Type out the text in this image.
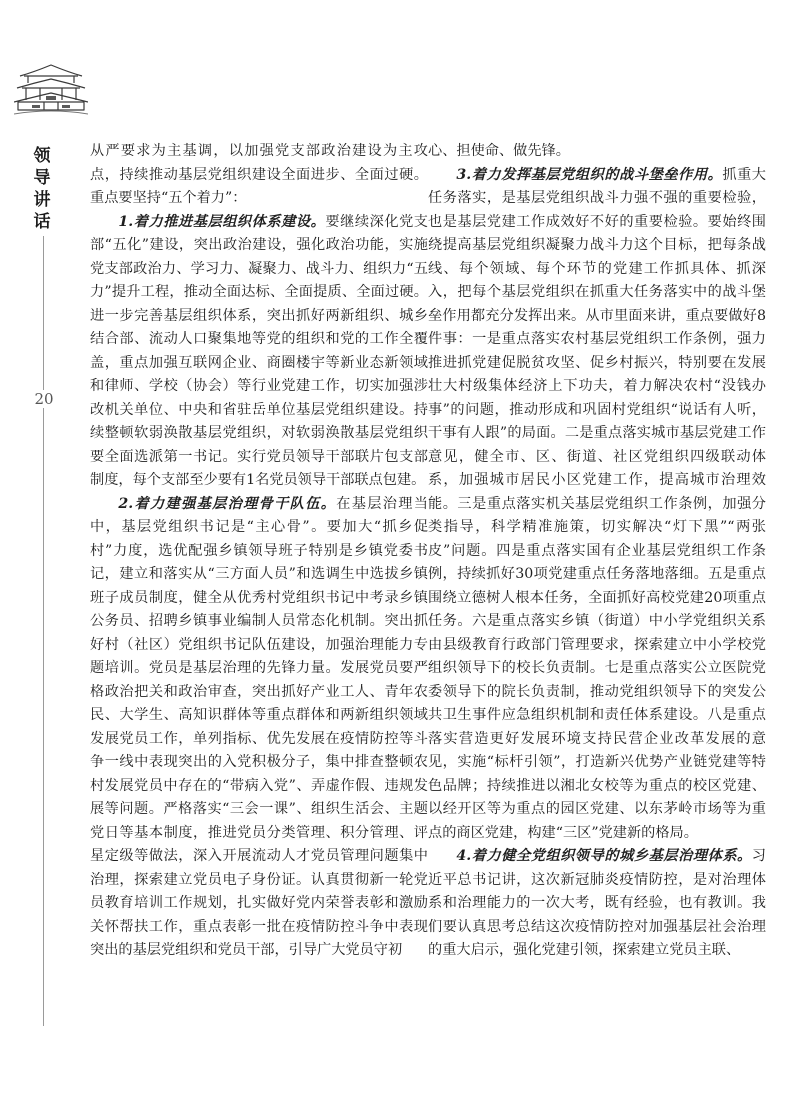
领导讲话
20

从严要求为主基调，以加强党支部政治建设为主攻点，持续推动基层党组织建设全面进步、全面过硬。重点要坚持“五个着力”：

1.着力推进基层组织体系建设。要继续深化党支部“五化”建设，突出政治建设，强化政治功能，实施党支部政治力、学习力、凝聚力、战斗力、组织力“五力”提升工程，推动全面达标、全面提质、全面过硬。进一步完善基层组织体系，突出抓好两新组织、城乡结合部、流动人口聚集地等党的组织和党的工作全覆盖，重点加强互联网企业、商圈楼宇等新业态新领域和律师、学校（协会）等行业党建工作，切实加强涉改机关单位、中央和省驻岳单位基层党组织建设。持续整顿软弱涣散基层党组织，对软弱涣散基层党组织要全面选派第一书记。实行党员领导干部联片包支部制度，每个支部至少要有1名党员领导干部联点包建。

2.着力建强基层治理骨干队伍。在基层治理当中，基层党组织书记是“主心骨”。要加大“抓乡促村”力度，选优配强乡镇领导班子特别是乡镇党委书记，建立和落实从“三方面人员”和选调生中选拔乡镇班子成员制度，健全从优秀村党组织书记中考录乡镇公务员、招聘乡镇事业编制人员常态化机制。突出抓好村（社区）党组织书记队伍建设，加强治理能力专题培训。党员是基层治理的先锋力量。发展党员要严格政治把关和政治审查，突出抓好产业工人、青年农民、大学生、高知识群体等重点群体和两新组织领域发展党员工作，单列指标、优先发展在疫情防控等斗争一线中表现突出的入党积极分子，集中排查整顿农村发展党员中存在的“带病入党”、弄虚作假、违规发展等问题。严格落实“三会一课”、组织生活会、主题党日等基本制度，推进党员分类管理、积分管理、评星定级等做法，深入开展流动人才党员管理问题集中治理，探索建立党员电子身份证。认真贯彻新一轮党员教育培训工作规划，扎实做好党内荣誉表彰和激励关怀帮扶工作，重点表彰一批在疫情防控斗争中表现突出的基层党组织和党员干部，引导广大党员守初

心、担使命、做先锋。

3.着力发挥基层党组织的战斗堡垒作用。抓重大任务落实，是基层党组织战斗力强不强的重要检验，也是基层党建工作成效好不好的重要检验。要始终围绕提高基层党组织凝聚力战斗力这个目标，把每条战线、每个领域、每个环节的党建工作抓具体、抓深入，把每个基层党组织在抓重大任务落实中的战斗堡垒作用都充分发挥出来。从市里面来讲，重点要做好8件事：一是重点落实农村基层党组织工作条例，强力推进抓党建促脱贫攻坚、促乡村振兴，特别要在发展壮大村级集体经济上下功夫，着力解决农村“没钱办事”的问题，推动形成和巩固村党组织“说话有人听，干事有人跟”的局面。二是重点落实城市基层党建工作意见，健全市、区、街道、社区党组织四级联动体系，加强城市居民小区党建工作，提高城市治理效能。三是重点落实机关基层党组织工作条例，加强分类指导，科学精准施策，切实解决“灯下黑”“两张皮”问题。四是重点落实国有企业基层党组织工作条例，持续抓好30项党建重点任务落地落细。五是重点围绕立德树人根本任务，全面抓好高校党建20项重点任务。六是重点落实乡镇（街道）中小学党组织关系由县级教育行政部门管理要求，探索建立中小学校党组织领导下的校长负责制。七是重点落实公立医院党委领导下的院长负责制，推动党组织领导下的突发公共卫生事件应急组织机制和责任体系建设。八是重点落实营造更好发展环境支持民营企业改革发展的意见，实施“标杆引领”，打造新兴优势产业链党建等特色品牌；持续推进以湘北女校等为重点的校区党建、以经开区等为重点的园区党建、以东茅岭市场等为重点的商区党建，构建“三区”党建新的格局。

4.着力健全党组织领导的城乡基层治理体系。习近平总书记讲，这次新冠肺炎疫情防控，是对治理体系和治理能力的一次大考，既有经验，也有教训。我们要认真思考总结这次疫情防控对加强基层社会治理的重大启示，强化党建引领，探索建立党员主联、
